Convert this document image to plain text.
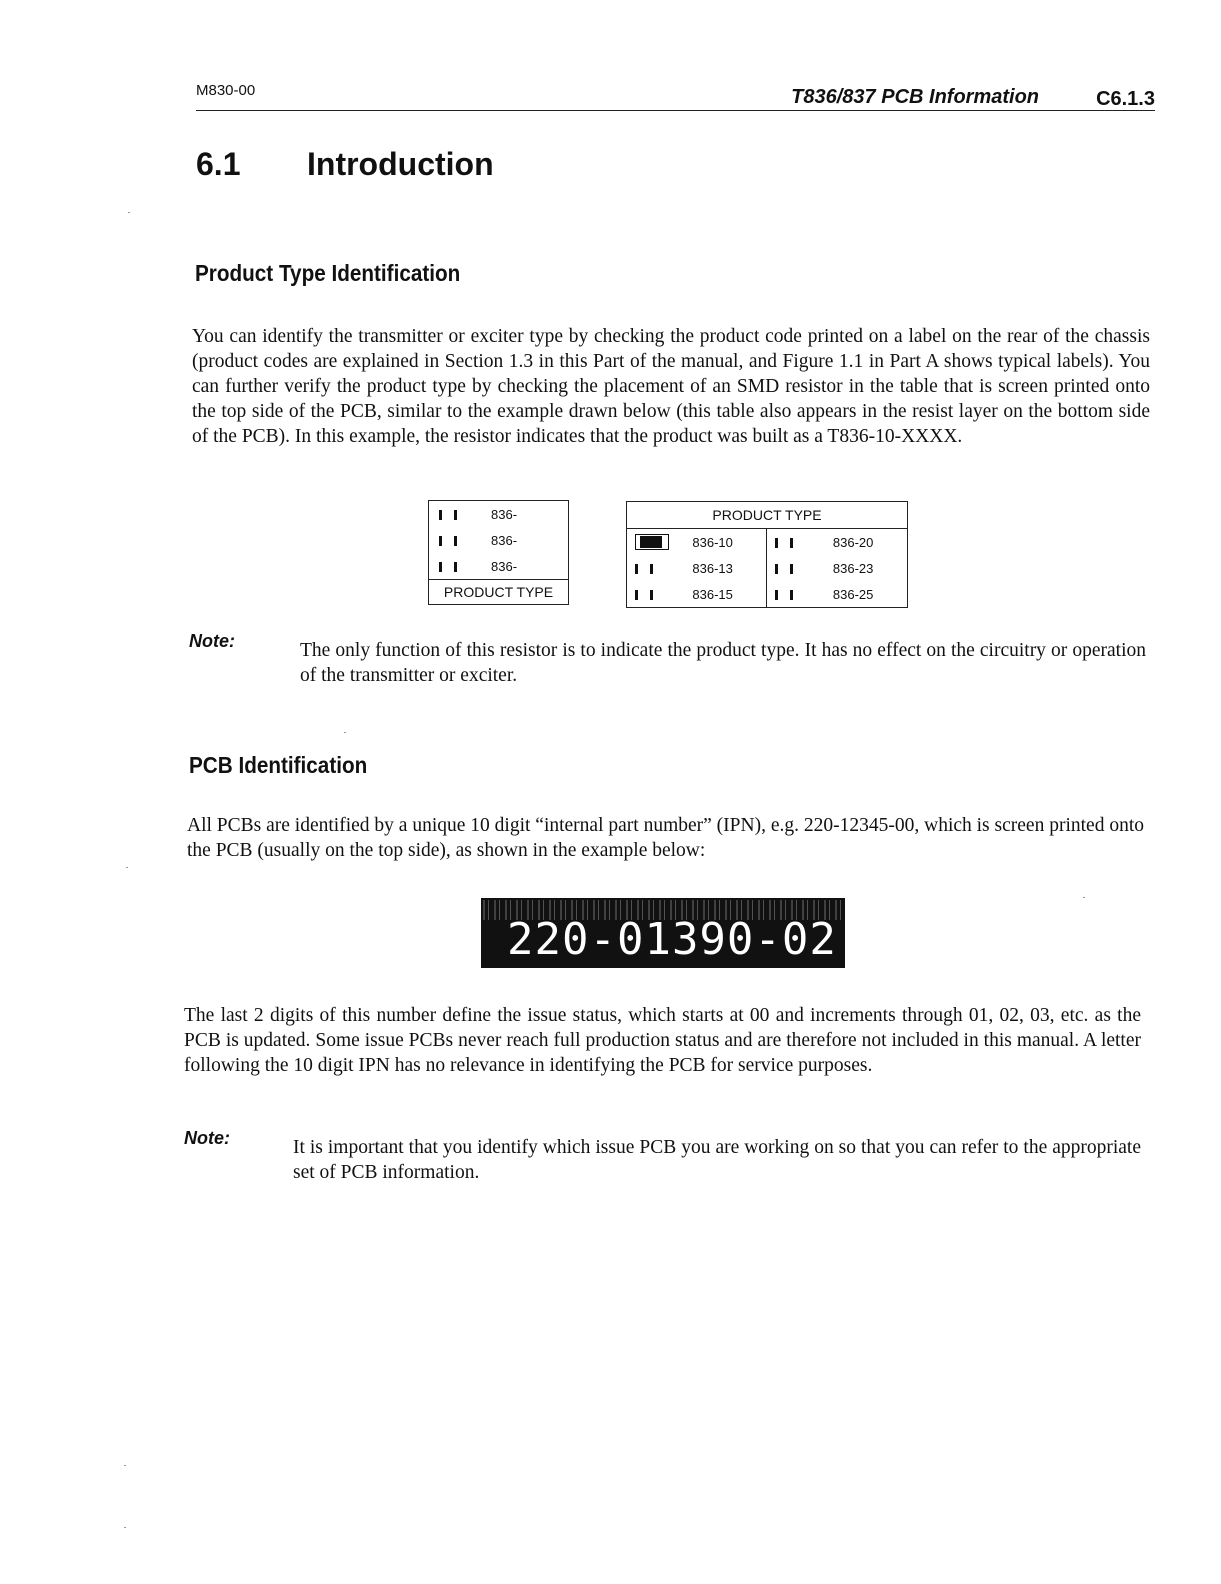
M830-00	T836/837 PCB Information	C6.1.3
6.1 Introduction
Product Type Identification

You can identify the transmitter or exciter type by checking the product code printed on a label on the rear of the chassis (product codes are explained in Section 1.3 in this Part of the manual, and Figure 1.1 in Part A shows typical labels). You can further verify the product type by checking the placement of an SMD resistor in the table that is screen printed onto the top side of the PCB, similar to the example drawn below (this table also appears in the resist layer on the bottom side of the PCB). In this example, the resistor indicates that the product was built as a T836-10-XXXX.

	836-
	836-
	836-
PRODUCT TYPE	
PRODUCT TYPE			
	836-10		836-20
	836-13		836-23
	836-15		836-25
Note:	The only function of this resistor is to indicate the product type. It has no effect on the circuitry or operation of the transmitter or exciter.
PCB Identification
All PCBs are identified by a unique 10 digit “internal part number” (IPN), e.g. 220-12345-00, which is screen printed onto the PCB (usually on the top side), as shown in the example below:
220-01390-02
The last 2 digits of this number define the issue status, which starts at 00 and increments through 01, 02, 03, etc. as the PCB is updated. Some issue PCBs never reach full production status and are therefore not included in this manual. A letter following the 10 digit IPN has no relevance in identifying the PCB for service purposes.
Note:	It is important that you identify which issue PCB you are working on so that you can refer to the appropriate set of PCB information.
